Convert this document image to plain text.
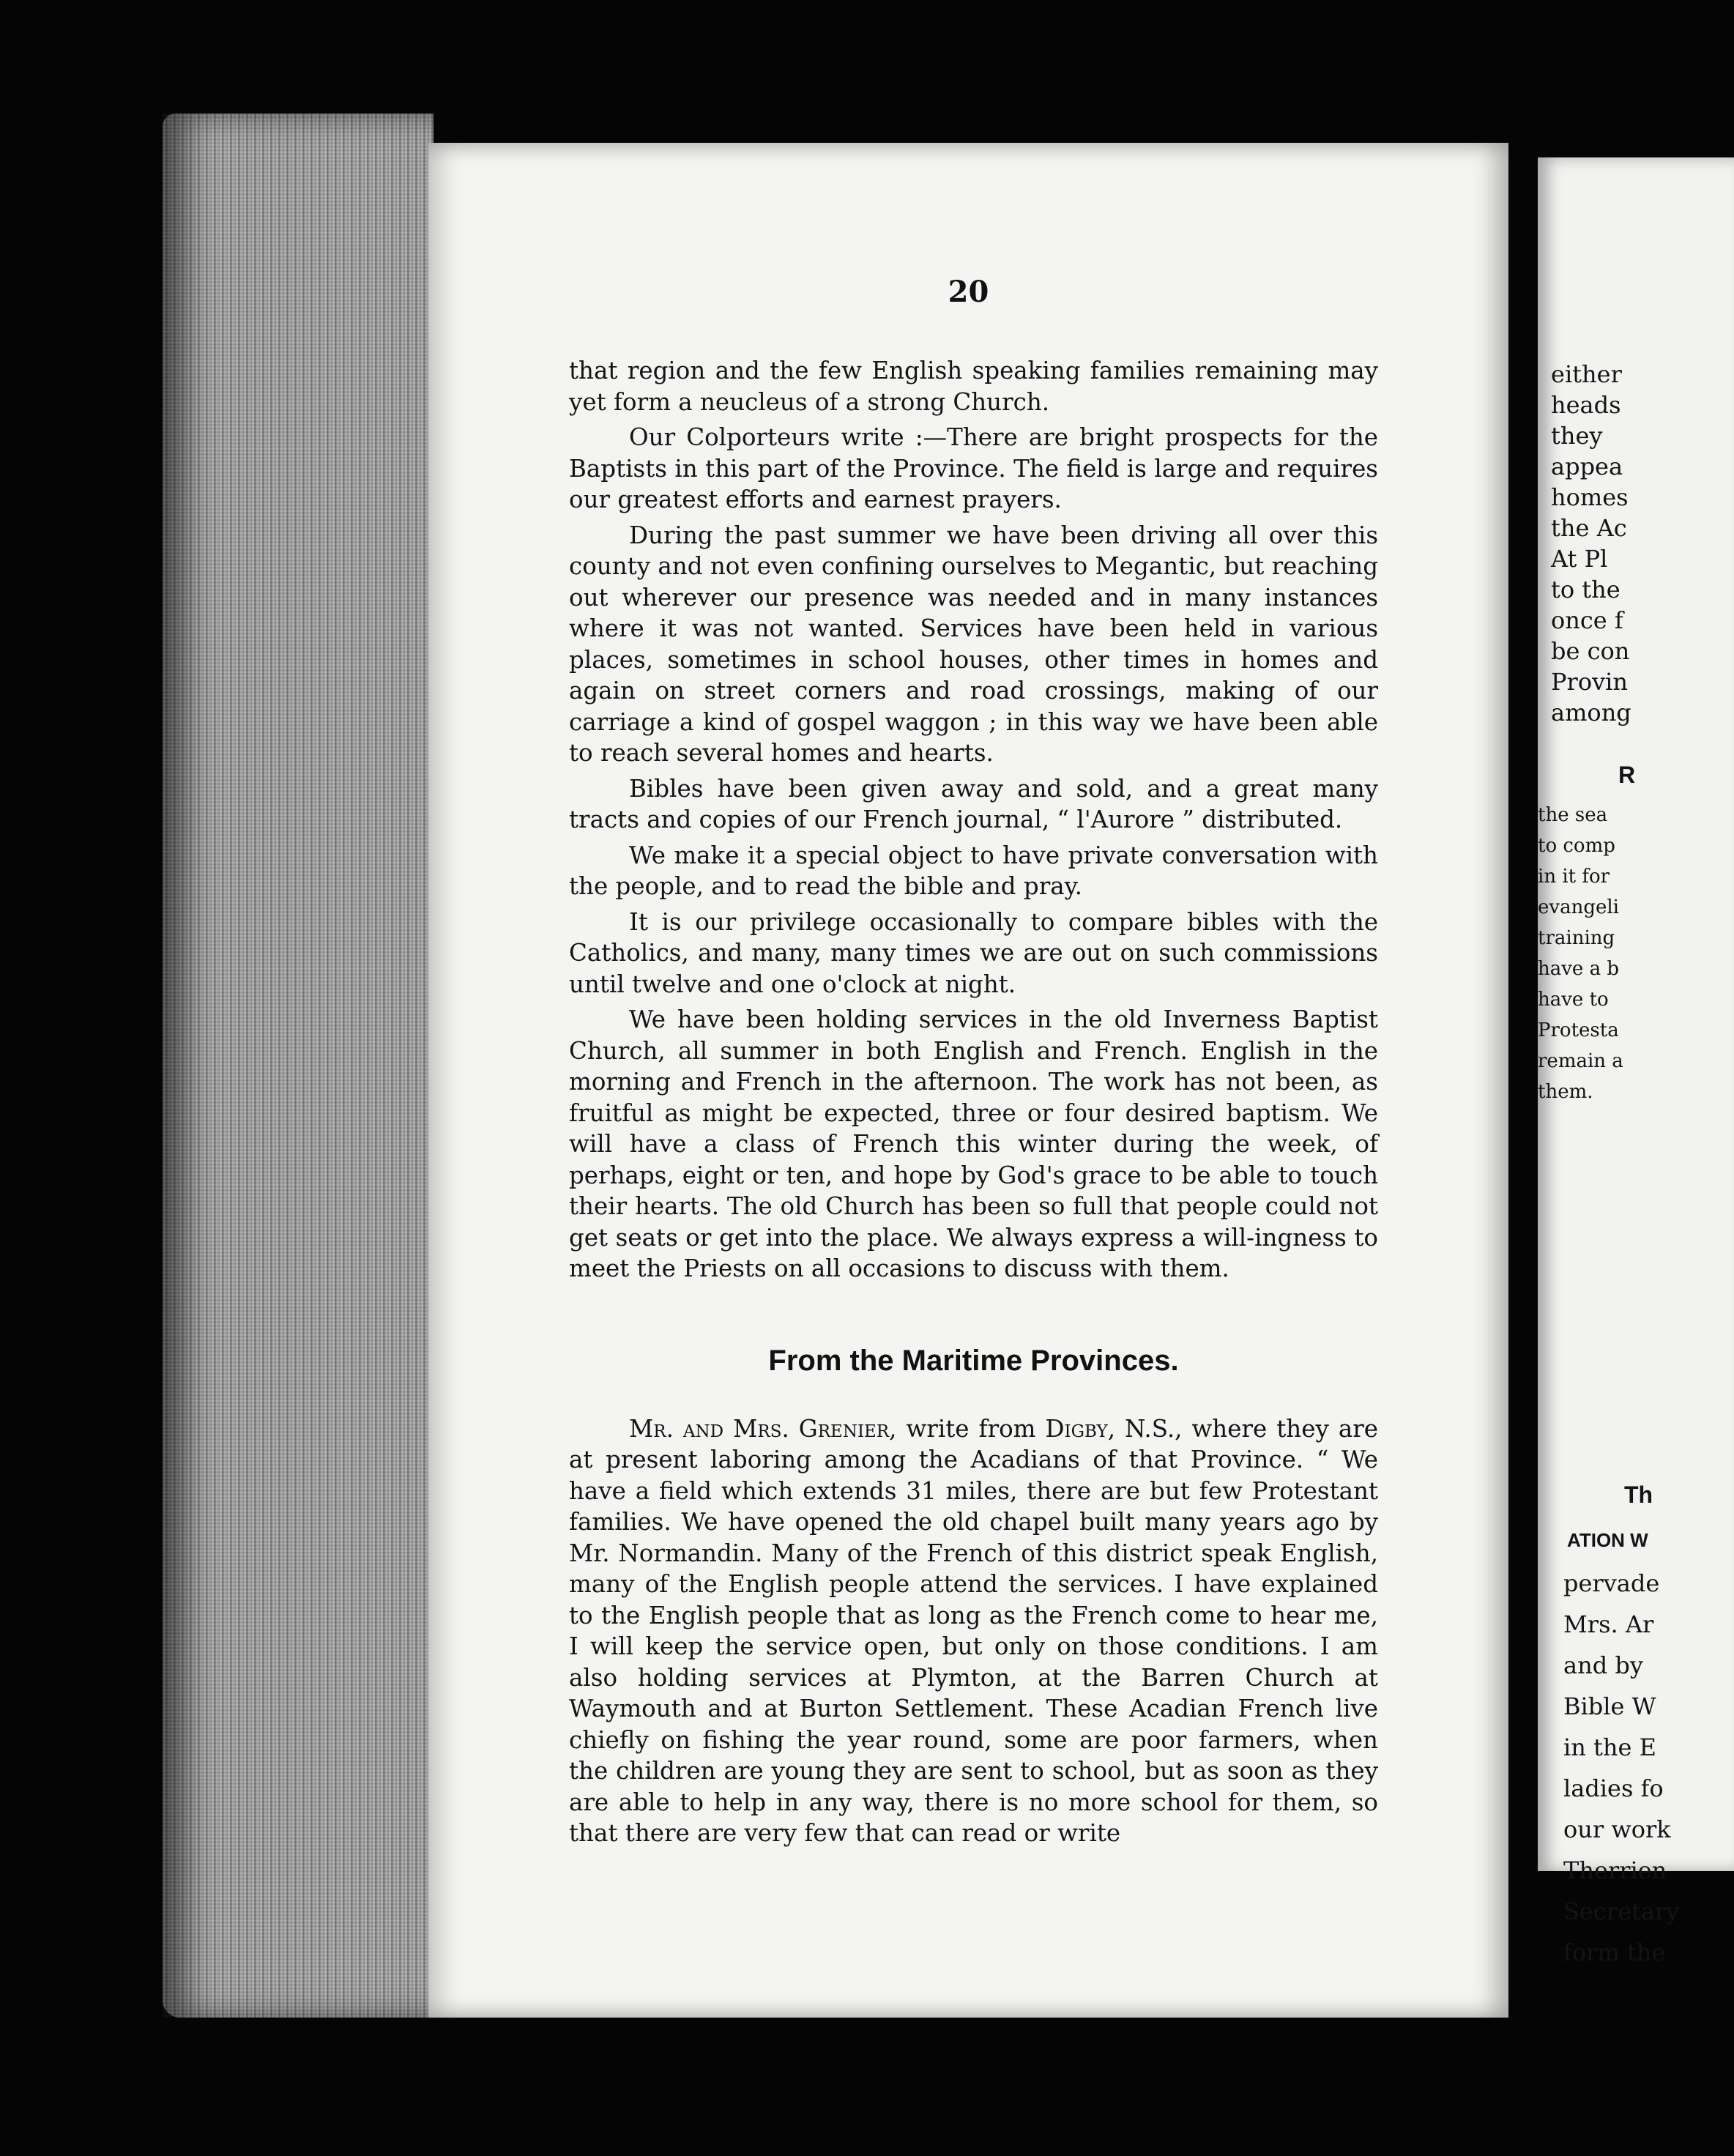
20

that region and the few English speaking families remaining may yet form a neucleus of a strong Church.

Our Colporteurs write :—There are bright prospects for the Baptists in this part of the Province. The field is large and requires our greatest efforts and earnest prayers.

During the past summer we have been driving all over this county and not even confining ourselves to Megantic, but reaching out wherever our presence was needed and in many instances where it was not wanted. Services have been held in various places, sometimes in school houses, other times in homes and again on street corners and road crossings, making of our carriage a kind of gospel waggon ; in this way we have been able to reach several homes and hearts.

Bibles have been given away and sold, and a great many tracts and copies of our French journal, “ l'Aurore ” distributed.

We make it a special object to have private conversation with the people, and to read the bible and pray.

It is our privilege occasionally to compare bibles with the Catholics, and many, many times we are out on such commissions until twelve and one o'clock at night.

We have been holding services in the old Inverness Baptist Church, all summer in both English and French. English in the morning and French in the afternoon. The work has not been, as fruitful as might be expected, three or four desired baptism. We will have a class of French this winter during the week, of perhaps, eight or ten, and hope by God's grace to be able to touch their hearts. The old Church has been so full that people could not get seats or get into the place. We always express a will-ingness to meet the Priests on all occasions to discuss with them.

From the Maritime Provinces.

Mr. and Mrs. Grenier, write from Digby, N.S., where they are at present laboring among the Acadians of that Province. “ We have a field which extends 31 miles, there are but few Protestant families. We have opened the old chapel built many years ago by Mr. Normandin. Many of the French of this district speak English, many of the English people attend the services. I have explained to the English people that as long as the French come to hear me, I will keep the service open, but only on those conditions. I am also holding services at Plymton, at the Barren Church at Waymouth and at Burton Settlement. These Acadian French live chiefly on fishing the year round, some are poor farmers, when the children are young they are sent to school, but as soon as they are able to help in any way, there is no more school for them, so that there are very few that can read or write

either
heads
they
appea
homes
the Ac
At Pl
to the
once f
be con
Provin
among
R
the sea
to comp
in it for
evangeli
training
have a b
have to
Protesta
remain a
them.
Th
ATION W
pervade
Mrs. Ar
and by
Bible W
in the E
ladies fo
our work
Therrien
Secretary
form the
